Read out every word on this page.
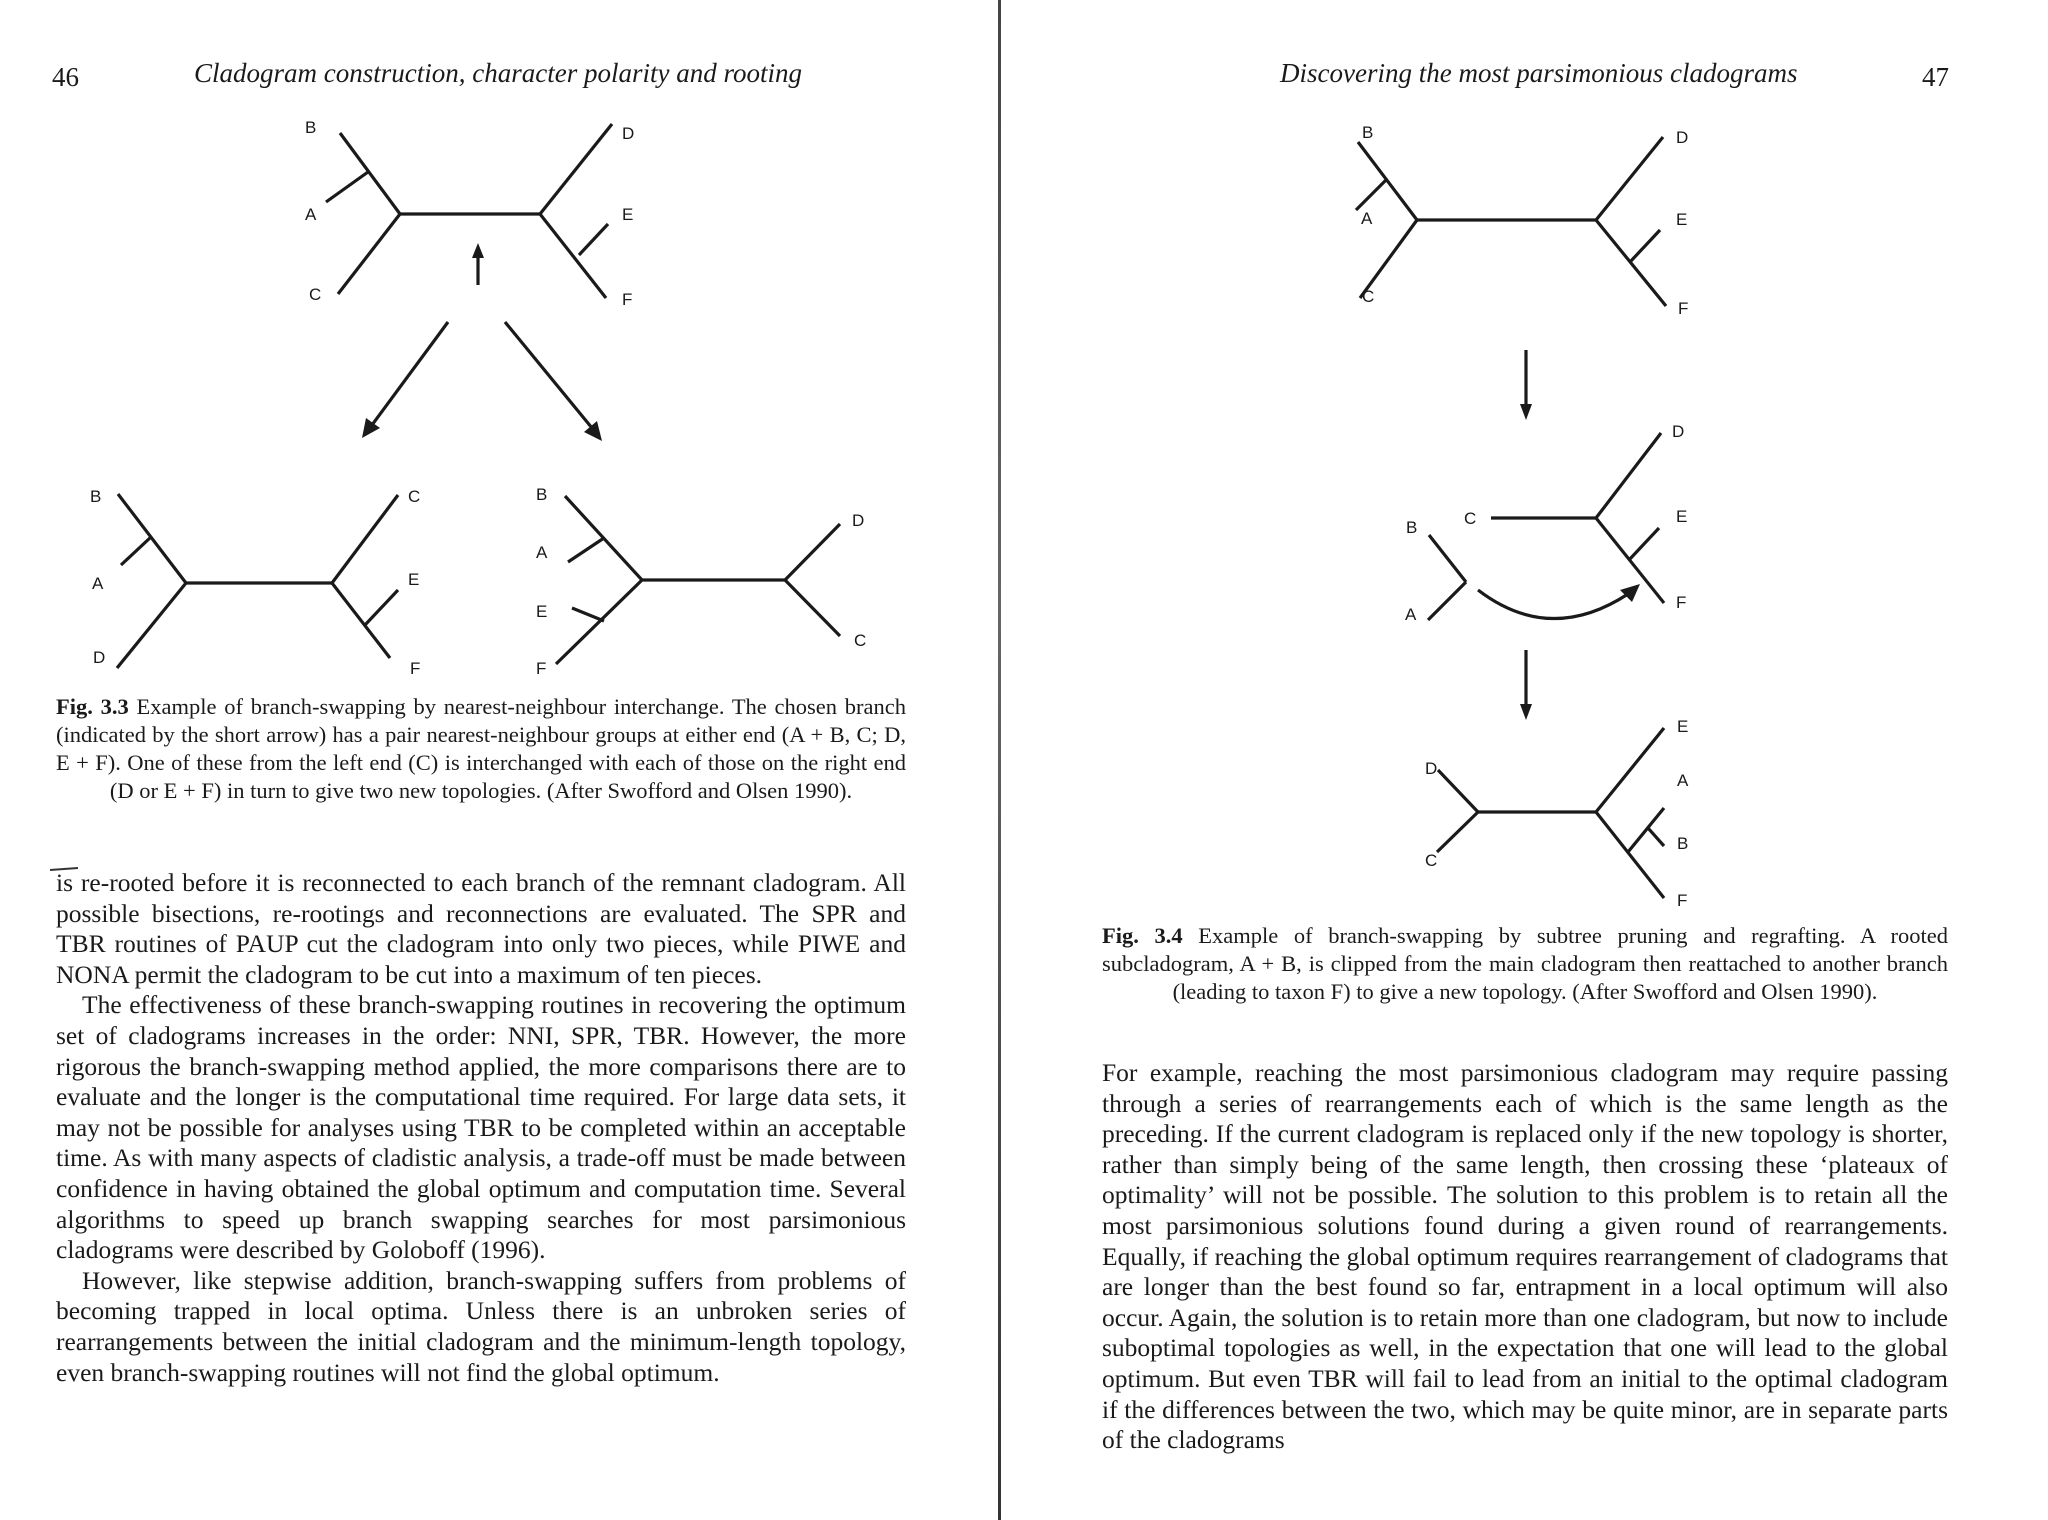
46	Cladogram construction, character polarity and rooting
B
A
C
D
E
F
B
A
D
C
E
F
B
A
E
F
D
C
Fig. 3.3 Example of branch-swapping by nearest-neighbour interchange. The chosen branch (indicated by the short arrow) has a pair nearest-neighbour groups at either end (A + B, C; D, E + F). One of these from the left end (C) is interchanged with each of those on the right end (D or E + F) in turn to give two new topologies. (After Swofford and Olsen 1990).

is re-rooted before it is reconnected to each branch of the remnant cladogram. All possible bisections, re-rootings and reconnections are evaluated. The SPR and TBR routines of PAUP cut the cladogram into only two pieces, while PIWE and NONA permit the cladogram to be cut into a maximum of ten pieces.

The effectiveness of these branch-swapping routines in recovering the optimum set of cladograms increases in the order: NNI, SPR, TBR. However, the more rigorous the branch-swapping method applied, the more comparisons there are to evaluate and the longer is the computational time required. For large data sets, it may not be possible for analyses using TBR to be completed within an acceptable time. As with many aspects of cladistic analysis, a trade-off must be made between confidence in having obtained the global optimum and computation time. Several algorithms to speed up branch swapping searches for most parsimonious cladograms were described by Goloboff (1996).

However, like stepwise addition, branch-swapping suffers from problems of becoming trapped in local optima. Unless there is an unbroken series of rearrangements between the initial cladogram and the minimum-length topology, even branch-swapping routines will not find the global optimum.

Discovering the most parsimonious cladograms	47
B
A
C
D
E
F
D
B	C	E
A
F
E
D
A
C
B
F
Fig. 3.4 Example of branch-swapping by subtree pruning and regrafting. A rooted subcladogram, A + B, is clipped from the main cladogram then reattached to another branch (leading to taxon F) to give a new topology. (After Swofford and Olsen 1990).

For example, reaching the most parsimonious cladogram may require passing through a series of rearrangements each of which is the same length as the preceding. If the current cladogram is replaced only if the new topology is shorter, rather than simply being of the same length, then crossing these ‘plateaux of optimality’ will not be possible. The solution to this problem is to retain all the most parsimonious solutions found during a given round of rearrangements. Equally, if reaching the global optimum requires rearrangement of cladograms that are longer than the best found so far, entrapment in a local optimum will also occur. Again, the solution is to retain more than one cladogram, but now to include suboptimal topologies as well, in the expectation that one will lead to the global optimum. But even TBR will fail to lead from an initial to the optimal cladogram if the differences between the two, which may be quite minor, are in separate parts of the cladograms
